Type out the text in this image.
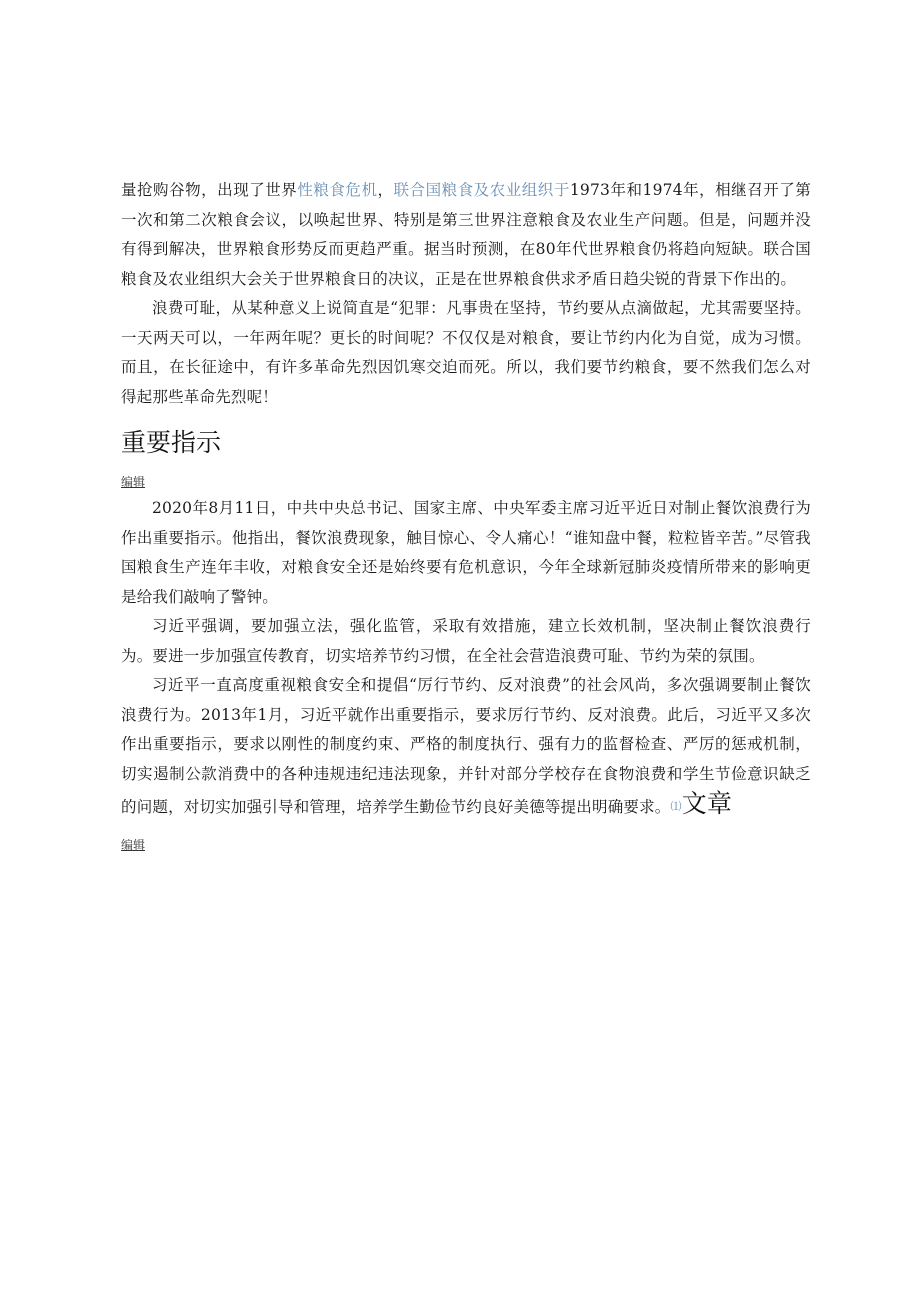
量抢购谷物，出现了世界性粮食危机，联合国粮食及农业组织于1973年和1974年，相继召开了第一次和第二次粮食会议，以唤起世界、特别是第三世界注意粮食及农业生产问题。但是，问题并没有得到解决，世界粮食形势反而更趋严重。据当时预测，在80年代世界粮食仍将趋向短缺。联合国粮食及农业组织大会关于世界粮食日的决议，正是在世界粮食供求矛盾日趋尖锐的背景下作出的。

浪费可耻，从某种意义上说简直是“犯罪：凡事贵在坚持，节约要从点滴做起，尤其需要坚持。一天两天可以，一年两年呢？更长的时间呢？不仅仅是对粮食，要让节约内化为自觉，成为习惯。而且，在长征途中，有许多革命先烈因饥寒交迫而死。所以，我们要节约粮食，要不然我们怎么对得起那些革命先烈呢！

重要指示
编辑

2020年8月11日，中共中央总书记、国家主席、中央军委主席习近平近日对制止餐饮浪费行为作出重要指示。他指出，餐饮浪费现象，触目惊心、令人痛心！“谁知盘中餐，粒粒皆辛苦。”尽管我国粮食生产连年丰收，对粮食安全还是始终要有危机意识，今年全球新冠肺炎疫情所带来的影响更是给我们敲响了警钟。

习近平强调，要加强立法，强化监管，采取有效措施，建立长效机制，坚决制止餐饮浪费行为。要进一步加强宣传教育，切实培养节约习惯，在全社会营造浪费可耻、节约为荣的氛围。

习近平一直高度重视粮食安全和提倡“厉行节约、反对浪费”的社会风尚，多次强调要制止餐饮浪费行为。2013年1月，习近平就作出重要指示，要求厉行节约、反对浪费。此后，习近平又多次作出重要指示，要求以刚性的制度约束、严格的制度执行、强有力的监督检查、严厉的惩戒机制，切实遏制公款消费中的各种违规违纪违法现象，并针对部分学校存在食物浪费和学生节俭意识缺乏的问题，对切实加强引导和管理，培养学生勤俭节约良好美德等提出明确要求。⑴文章

编辑
